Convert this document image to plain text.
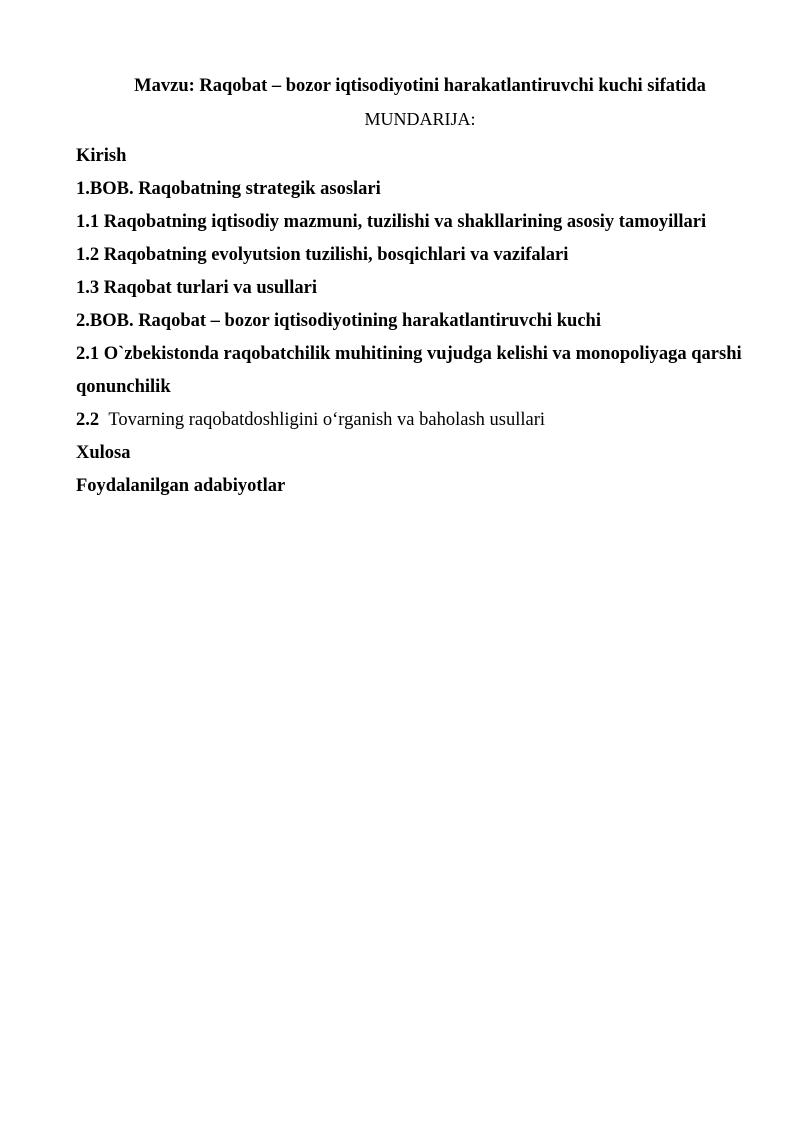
Mavzu: Raqobat – bozor iqtisodiyotini harakatlantiruvchi kuchi sifatida
MUNDARIJA:
Kirish
1.BOB. Raqobatning strategik asoslari
1.1 Raqobatning iqtisodiy mazmuni, tuzilishi va shakllarining asosiy tamoyillari
1.2 Raqobatning evolyutsion tuzilishi, bosqichlari va vazifalari
1.3 Raqobat turlari va usullari
2.BOB. Raqobat – bozor iqtisodiyotining harakatlantiruvchi kuchi
2.1 O`zbekistonda raqobatchilik muhitining vujudga kelishi va monopoliyaga qarshi qonunchilik
2.2 Tovarning raqobatdoshligini o‘rganish va baholash usullari
Xulosa
Foydalanilgan adabiyotlar
